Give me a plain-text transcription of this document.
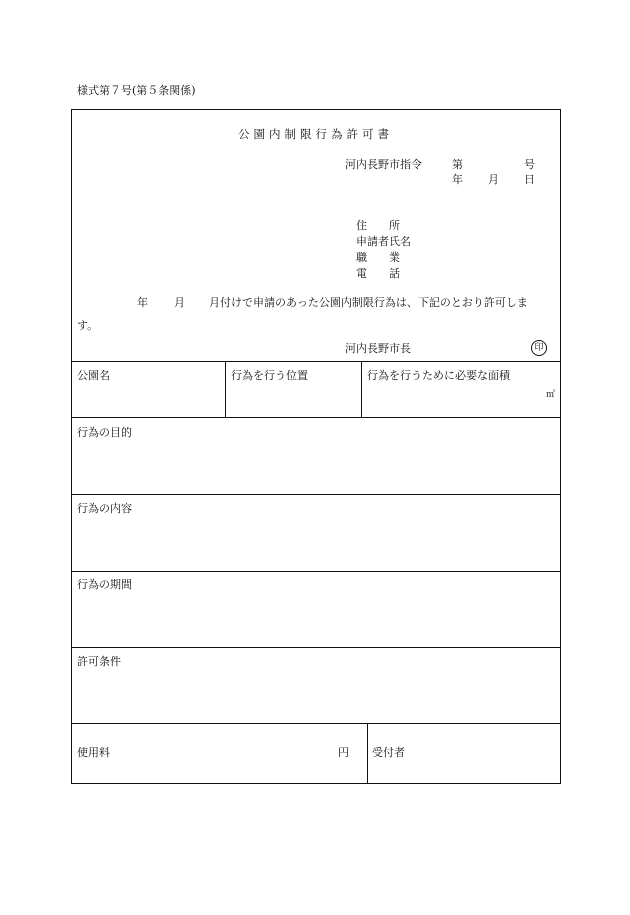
様式第７号(第５条関係)
公園内制限行為許可書
河内長野市指令	第	号
年 月 日
住　　所
申請者氏名
職　　業
電　　話
年 月 月付けで申請のあった公園内制限行為は、下記のとおり許可しま
す。
河内長野市長	印
公園名	行為を行う位置	行為を行うために必要な面積
㎡
行為の目的
行為の内容
行為の期間
許可条件
使用料	円 受付者
